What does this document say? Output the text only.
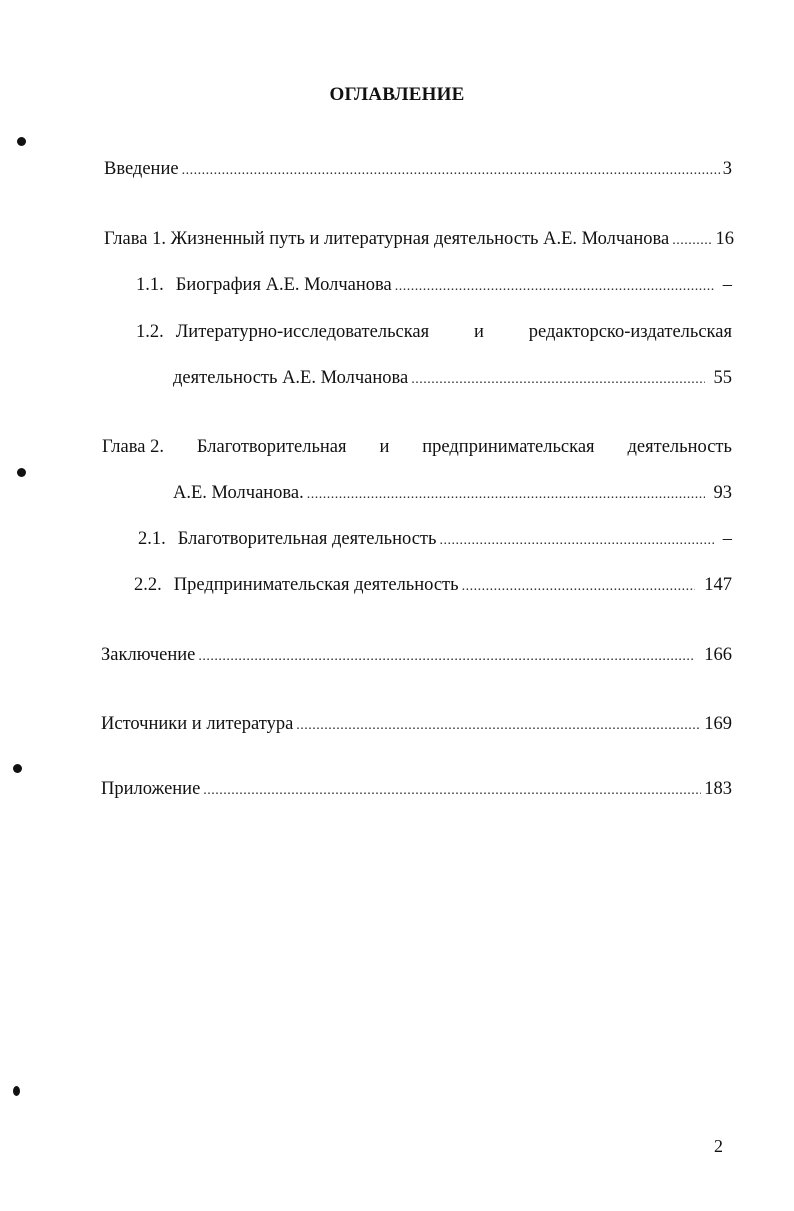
ОГЛАВЛЕНИЕ
Введение .....	3
Глава 1. Жизненный путь и литературная деятельность А.Е. Молчанова .....	16
1.1. Биография А.Е. Молчанова .....	–
1.2. Литературно-исследовательская и редакторско-издательская
деятельность А.Е. Молчанова .....	55
Глава 2. Благотворительная и предпринимательская деятельность
А.Е. Молчанова. .....	93
2.1. Благотворительная деятельность .....	–
2.2. Предпринимательская деятельность .....	147
Заключение .....	166
Источники и литература .....	169
Приложение .....	183
2
